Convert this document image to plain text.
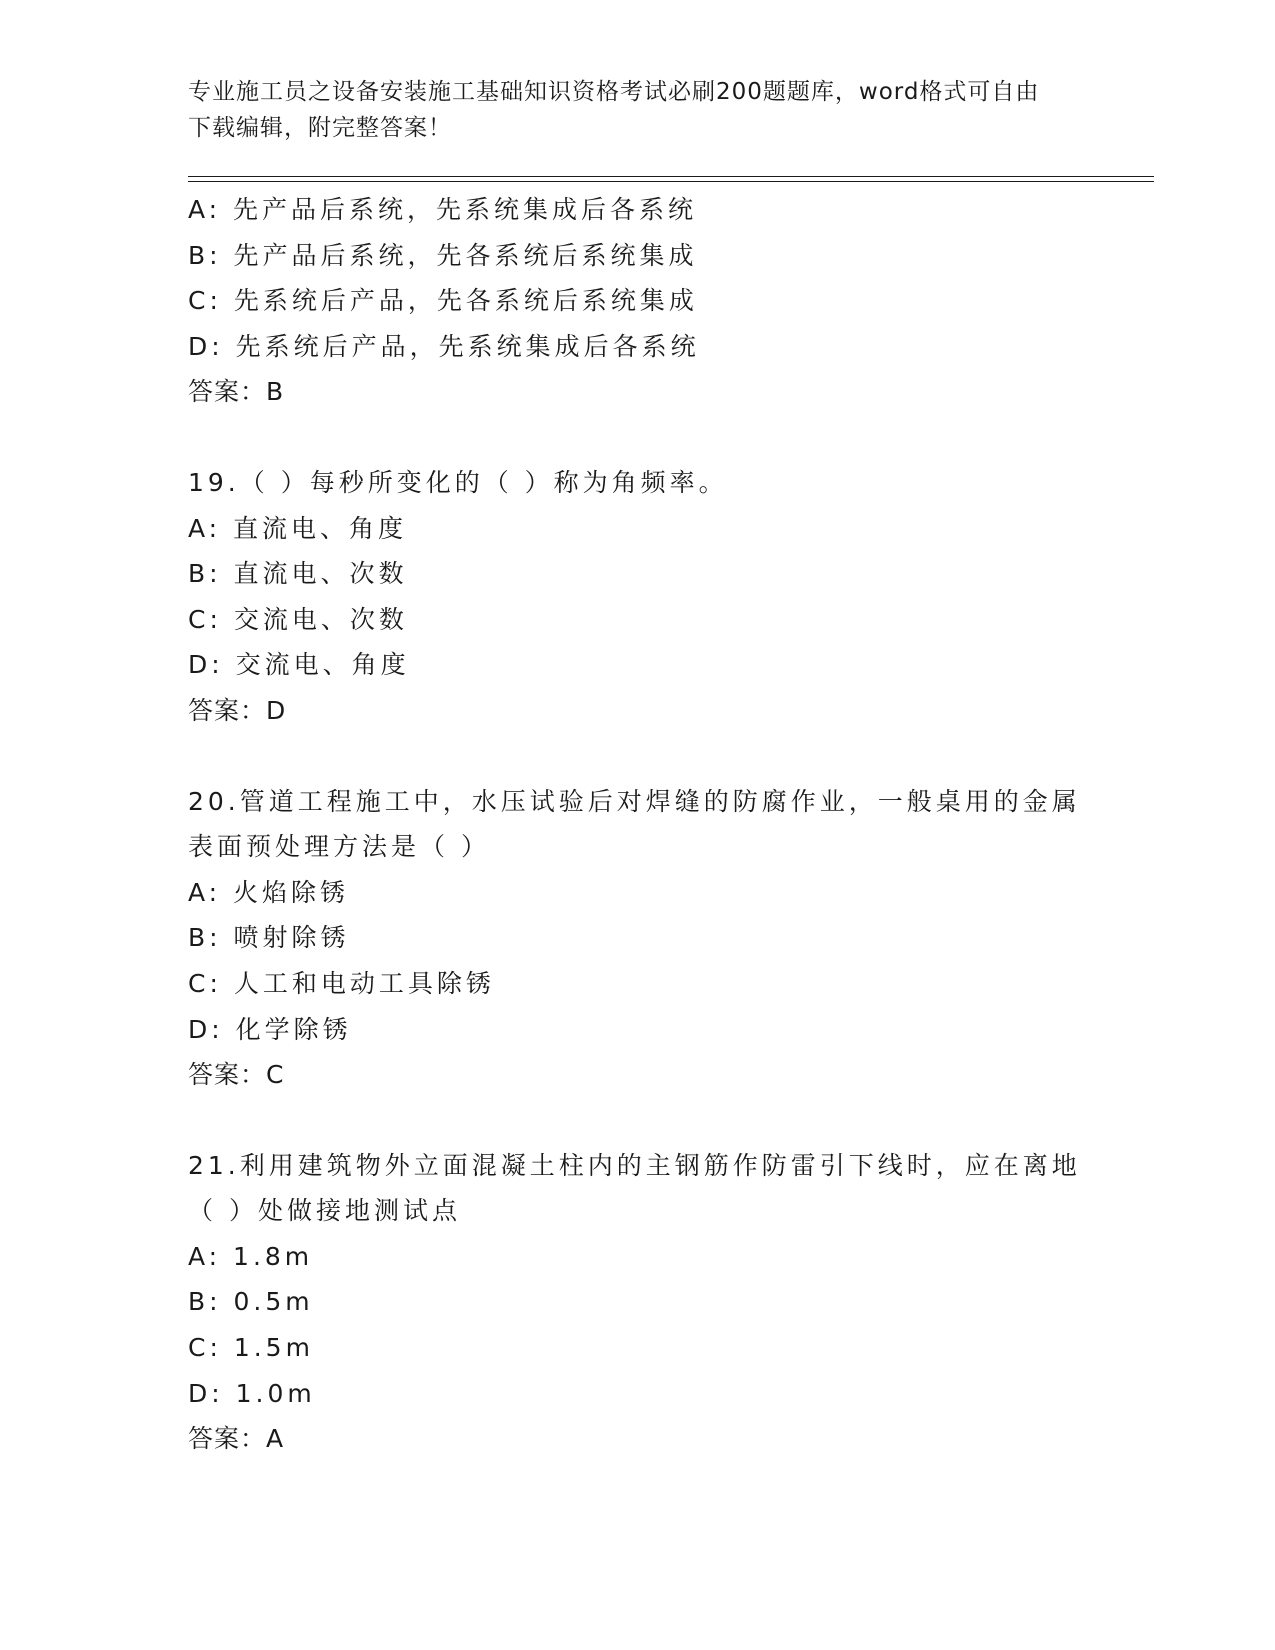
专业施工员之设备安装施工基础知识资格考试必刷200题题库，word格式可自由
下载编辑，附完整答案！
A: 先产品后系统，先系统集成后各系统
B: 先产品后系统，先各系统后系统集成
C: 先系统后产品，先各系统后系统集成
D: 先系统后产品，先系统集成后各系统
答案：B
19.（ ）每秒所变化的（ ）称为角频率。
A: 直流电、角度
B: 直流电、次数
C: 交流电、次数
D: 交流电、角度
答案：D
20.管道工程施工中，水压试验后对焊缝的防腐作业，一般桌用的金属
表面预处理方法是（ ）
A: 火焰除锈
B: 喷射除锈
C: 人工和电动工具除锈
D: 化学除锈
答案：C
21.利用建筑物外立面混凝土柱内的主钢筋作防雷引下线时，应在离地
（ ）处做接地测试点
A: 1.8m
B: 0.5m
C: 1.5m
D: 1.0m
答案：A
